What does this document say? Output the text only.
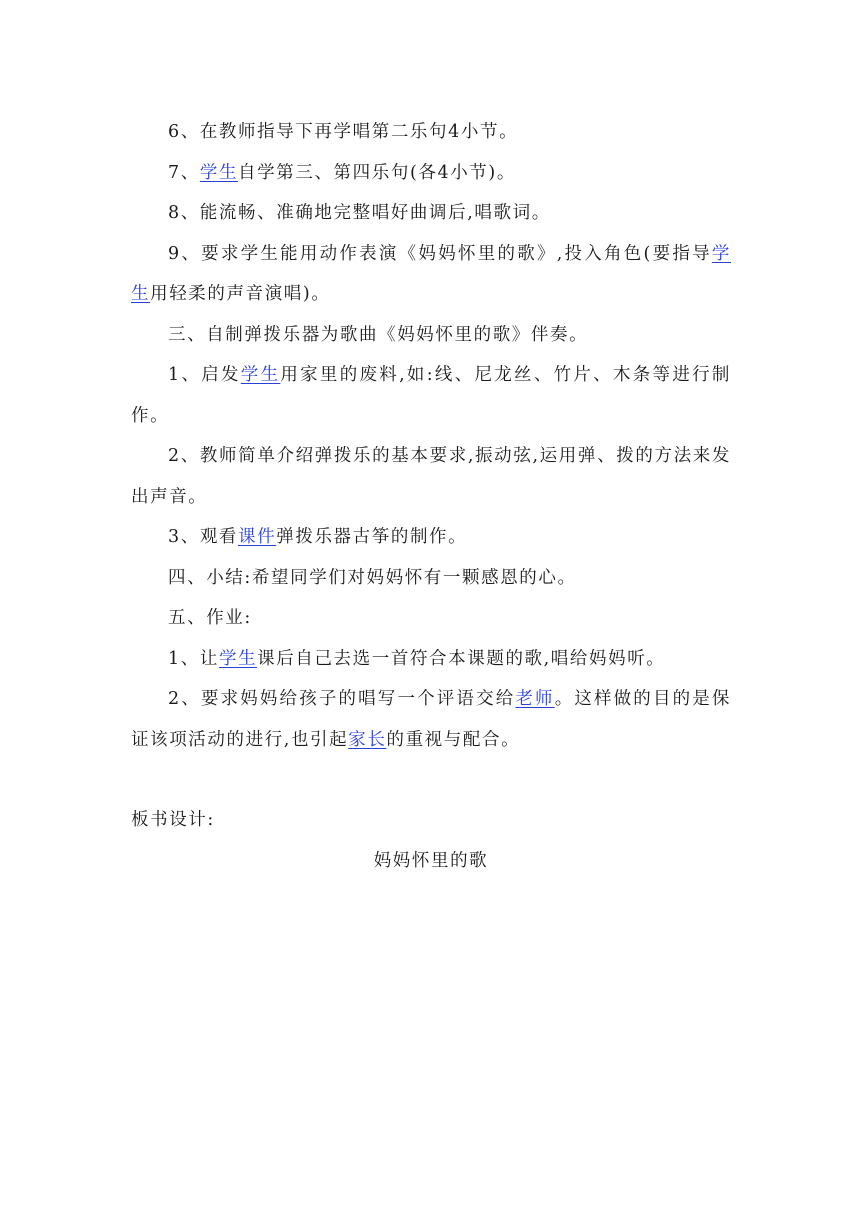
6、在教师指导下再学唱第二乐句4小节。

7、学生自学第三、第四乐句(各4小节)。

8、能流畅、准确地完整唱好曲调后,唱歌词。

9、要求学生能用动作表演《妈妈怀里的歌》,投入角色(要指导学生用轻柔的声音演唱)。

三、自制弹拨乐器为歌曲《妈妈怀里的歌》伴奏。

1、启发学生用家里的废料,如:线、尼龙丝、竹片、木条等进行制作。

2、教师简单介绍弹拨乐的基本要求,振动弦,运用弹、拨的方法来发出声音。

3、观看课件弹拨乐器古筝的制作。

四、小结:希望同学们对妈妈怀有一颗感恩的心。

五、作业:

1、让学生课后自己去选一首符合本课题的歌,唱给妈妈听。

2、要求妈妈给孩子的唱写一个评语交给老师。这样做的目的是保证该项活动的进行,也引起家长的重视与配合。

板书设计:

妈妈怀里的歌
